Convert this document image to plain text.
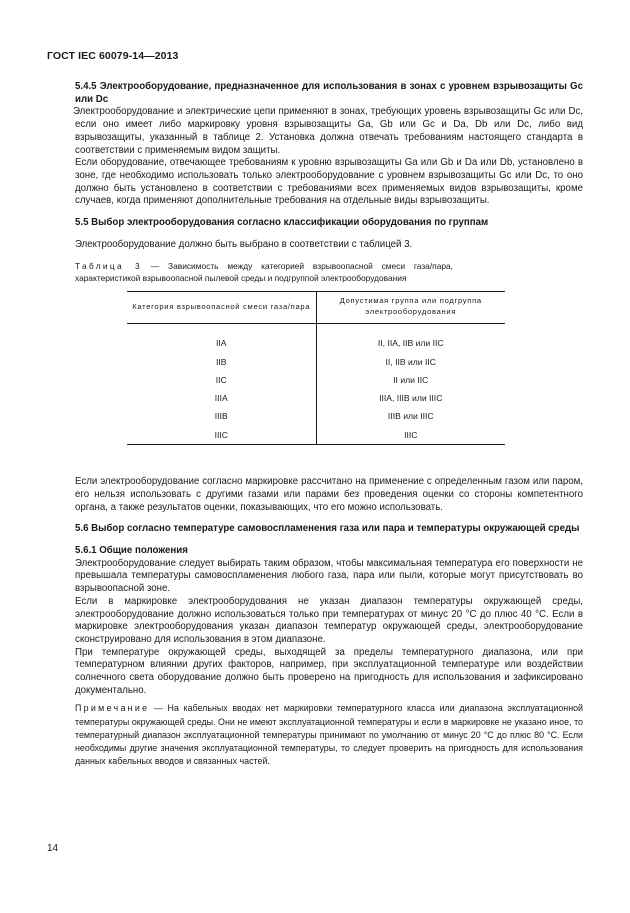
ГОСТ IEC 60079-14—2013

5.4.5 Электрооборудование, предназначенное для использования в зонах с уровнем взрывозащиты Gc или Dc

Электрооборудование и электрические цепи применяют в зонах, требующих уровень взрывозащиты Gc или Dc, если оно имеет либо маркировку уровня взрывозащиты Ga, Gb или Gc и Da, Db или Dc, либо вид взрывозащиты, указанный в таблице 2. Установка должна отвечать требованиям настоящего стандарта в соответствии с применяемым видом защиты.

Если оборудование, отвечающее требованиям к уровню взрывозащиты Ga или Gb и Da или Db, установлено в зоне, где необходимо использовать только электрооборудование с уровнем взрывозащиты Gc или Dc, то оно должно быть установлено в соответствии с требованиями всех применяемых видов взрывозащиты, кроме случаев, когда применяют дополнительные требования на отдельные виды взрывозащиты.

5.5 Выбор электрооборудования согласно классификации оборудования по группам

Электрооборудование должно быть выбрано в соответствии с таблицей 3.

Таблица 3 — Зависимость между категорией взрывоопасной смеси газа/пара, характеристикой взрывоопасной пылевой среды и подгруппой электрооборудования

Категория взрывоопасной смеси газа/пара	Допустимая группа или подгруппа электрооборудования
IIA	II, IIA, IIB или IIC
IIB	II, IIB или IIC
IIC	II или IIC
IIIA	IIIA, IIIB или IIIC
IIIB	IIIB или IIIC
IIIC	IIIC

Если электрооборудование согласно маркировке рассчитано на применение с определенным газом или паром, его нельзя использовать с другими газами или парами без проведения оценки со стороны компетентного органа, а также результатов оценки, показывающих, что его можно использовать.

5.6 Выбор согласно температуре самовоспламенения газа или пара и температуры окружающей среды

5.6.1 Общие положения

Электрооборудование следует выбирать таким образом, чтобы максимальная температура его поверхности не превышала температуры самовоспламенения любого газа, пара или пыли, которые могут присутствовать во взрывоопасной зоне.

Если в маркировке электрооборудования не указан диапазон температуры окружающей среды, электрооборудование должно использоваться только при температурах от минус 20 °С до плюс 40 °С. Если в маркировке электрооборудования указан диапазон температур окружающей среды, электрооборудование сконструировано для использования в этом диапазоне.

При температуре окружающей среды, выходящей за пределы температурного диапазона, или при температурном влиянии других факторов, например, при эксплуатационной температуре или воздействии солнечного света оборудование должно быть проверено на пригодность для использования и зафиксировано документально.

Примечание — На кабельных вводах нет маркировки температурного класса или диапазона эксплуатационной температуры окружающей среды. Они не имеют эксплуатационной температуры и если в маркировке не указано иное, то температурный диапазон эксплуатационной температуры принимают по умолчанию от минус 20 °С до плюс 80 °С. Если необходимы другие значения эксплуатационной температуры, то следует проверить на пригодность для использования данных кабельных вводов и связанных частей.

14
